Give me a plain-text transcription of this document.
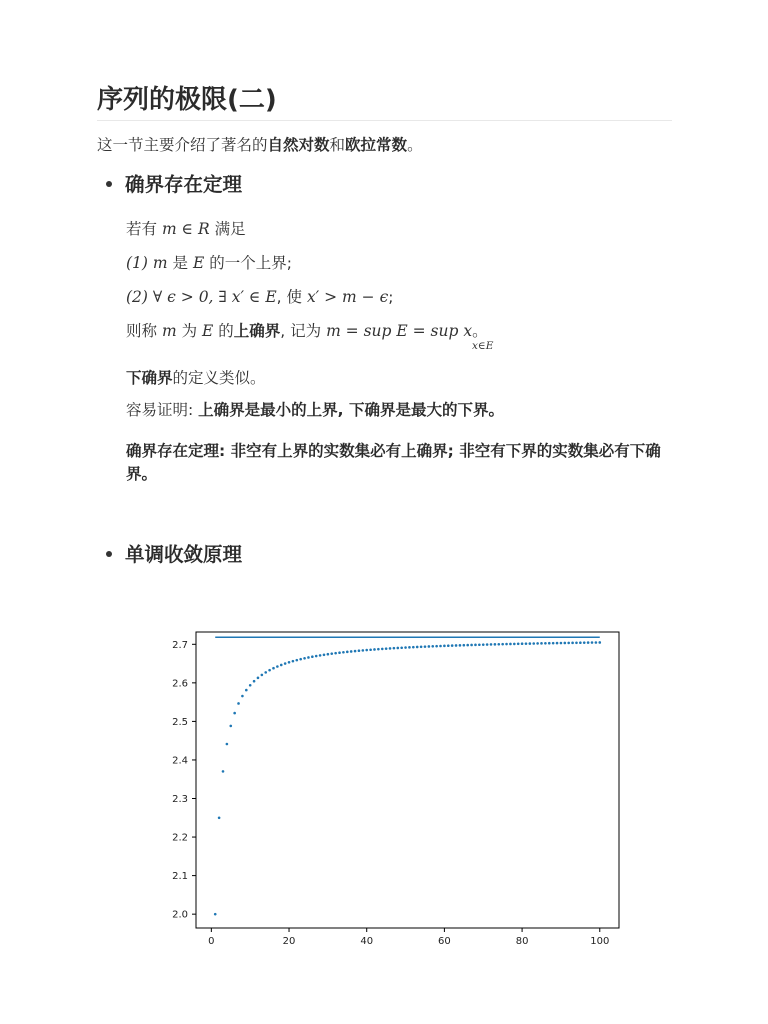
序列的极限(二)

这一节主要介绍了著名的自然对数和欧拉常数。

确界存在定理

若有 m ∈ R 满足

(1) m 是 E 的一个上界;

(2) ∀ ϵ > 0, ∃ x′ ∈ E, 使 x′ > m − ϵ;

则称 m 为 E 的上确界, 记为 m = sup E = sup x。

x∈E

下确界的定义类似。

容易证明: 上确界是最小的上界, 下确界是最大的下界。

确界存在定理: 非空有上界的实数集必有上确界; 非空有下界的实数集必有下确界。

单调收敛原理
0	20	40	60	80	100
2.0
2.1
2.2
2.3
2.4
2.5
2.6
2.7
